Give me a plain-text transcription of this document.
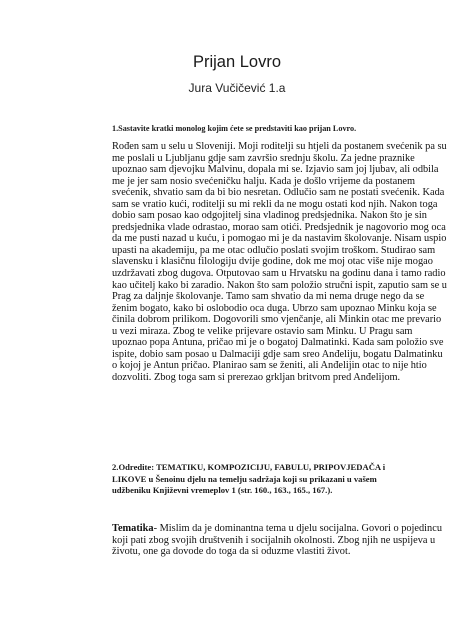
Prijan Lovro
Jura Vučičević 1.a
1.Sastavite kratki monolog kojim ćete se predstaviti kao prijan Lovro.
Rođen sam u selu u Sloveniji. Moji roditelji su htjeli da postanem svećenik pa su
me poslali u Ljubljanu gdje sam završio srednju školu. Za jedne praznike
upoznao sam djevojku Malvinu, dopala mi se. Izjavio sam joj ljubav, ali odbila
me je jer sam nosio svećeničku halju. Kada je došlo vrijeme da postanem
svećenik, shvatio sam da bi bio nesretan. Odlučio sam ne postati svećenik. Kada
sam se vratio kući, roditelji su mi rekli da ne mogu ostati kod njih. Nakon toga
dobio sam posao kao odgojitelj sina vladinog predsjednika. Nakon što je sin
predsjednika vlade odrastao, morao sam otići. Predsjednik je nagovorio mog oca
da me pusti nazad u kuću, i pomogao mi je da nastavim školovanje. Nisam uspio
upasti na akademiju, pa me otac odlučio poslati svojim troškom. Studirao sam
slavensku i klasičnu filologiju dvije godine, dok me moj otac više nije mogao
uzdržavati zbog dugova. Otputovao sam u Hrvatsku na godinu dana i tamo radio
kao učitelj kako bi zaradio. Nakon što sam položio stručni ispit, zaputio sam se u
Prag za daljnje školovanje. Tamo sam shvatio da mi nema druge nego da se
ženim bogato, kako bi oslobodio oca duga. Ubrzo sam upoznao Minku koja se
činila dobrom prilikom. Dogovorili smo vjenčanje, ali Minkin otac me prevario
u vezi miraza. Zbog te velike prijevare ostavio sam Minku. U Pragu sam
upoznao popa Antuna, pričao mi je o bogatoj Dalmatinki. Kada sam položio sve
ispite, dobio sam posao u Dalmaciji gdje sam sreo Anđeliju, bogatu Dalmatinku
o kojoj je Antun pričao. Planirao sam se ženiti, ali Anđelijin otac to nije htio
dozvoliti. Zbog toga sam si prerezao grkljan britvom pred Anđelijom.
2.Odredite: TEMATIKU, KOMPOZICIJU, FABULU, PRIPOVJEDAČA i LIKOVE u Šenoinu djelu na temelju sadržaja koji su prikazani u vašem udžbeniku Književni vremeplov 1 (str. 160., 163., 165., 167.).
Tematika- Mislim da je dominantna tema u djelu socijalna. Govori o pojedincu
koji pati zbog svojih društvenih i socijalnih okolnosti. Zbog njih ne uspijeva u
životu, one ga dovode do toga da si oduzme vlastiti život.
